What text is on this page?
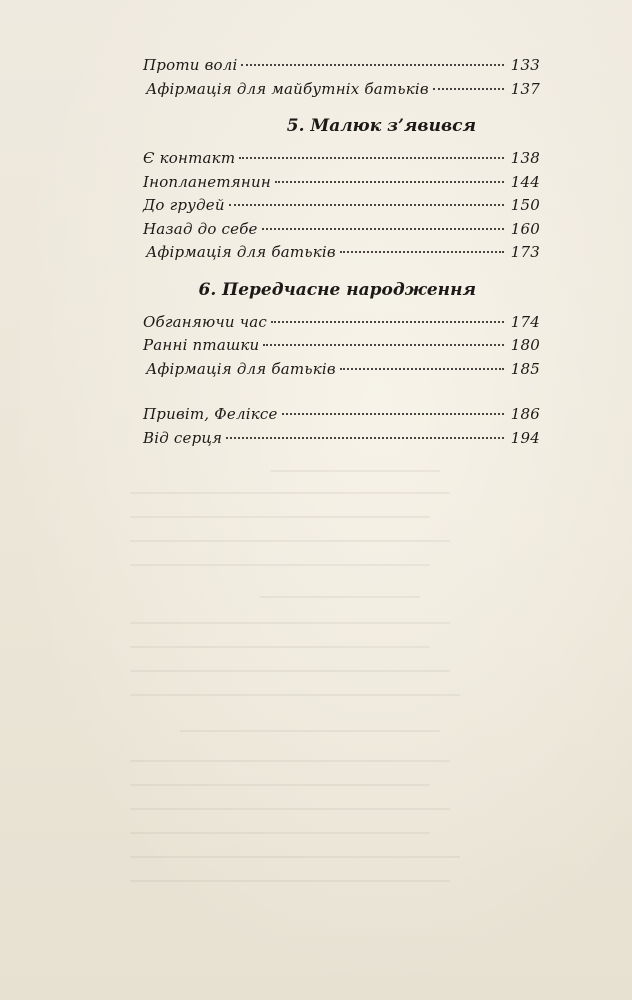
Проти волі	133
Афірмація для майбутніх батьків	137
5. Малюк з’явився
Є контакт	138
Інопланетянин	144
До грудей	150
Назад до себе	160
Афірмація для батьків	173
6. Передчасне народження
Обганяючи час	174
Ранні пташки	180
Афірмація для батьків	185
Привіт, Феліксе	186
Від серця	194
